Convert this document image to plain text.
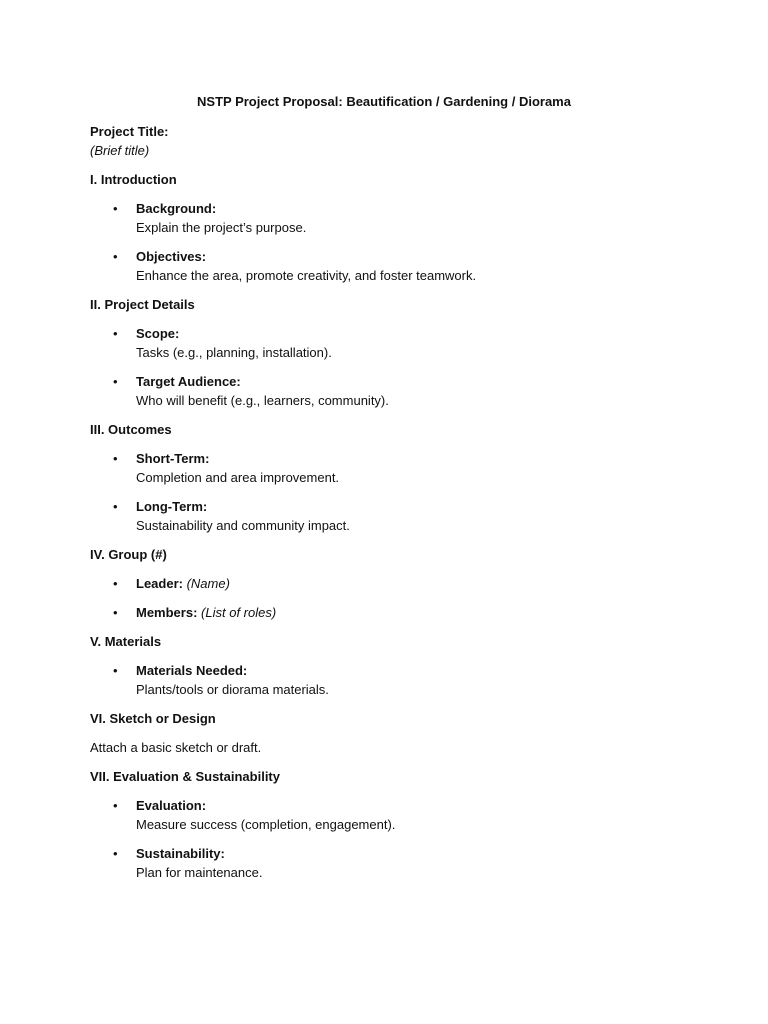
NSTP Project Proposal: Beautification / Gardening / Diorama
Project Title:
(Brief title)
I. Introduction
• Background:
Explain the project’s purpose.
• Objectives:
Enhance the area, promote creativity, and foster teamwork.
II. Project Details
• Scope:
Tasks (e.g., planning, installation).
• Target Audience:
Who will benefit (e.g., learners, community).
III. Outcomes
• Short-Term:
Completion and area improvement.
• Long-Term:
Sustainability and community impact.
IV. Group (#)
• Leader: (Name)
• Members: (List of roles)
V. Materials
• Materials Needed:
Plants/tools or diorama materials.
VI. Sketch or Design
Attach a basic sketch or draft.
VII. Evaluation & Sustainability
• Evaluation:
Measure success (completion, engagement).
• Sustainability:
Plan for maintenance.
